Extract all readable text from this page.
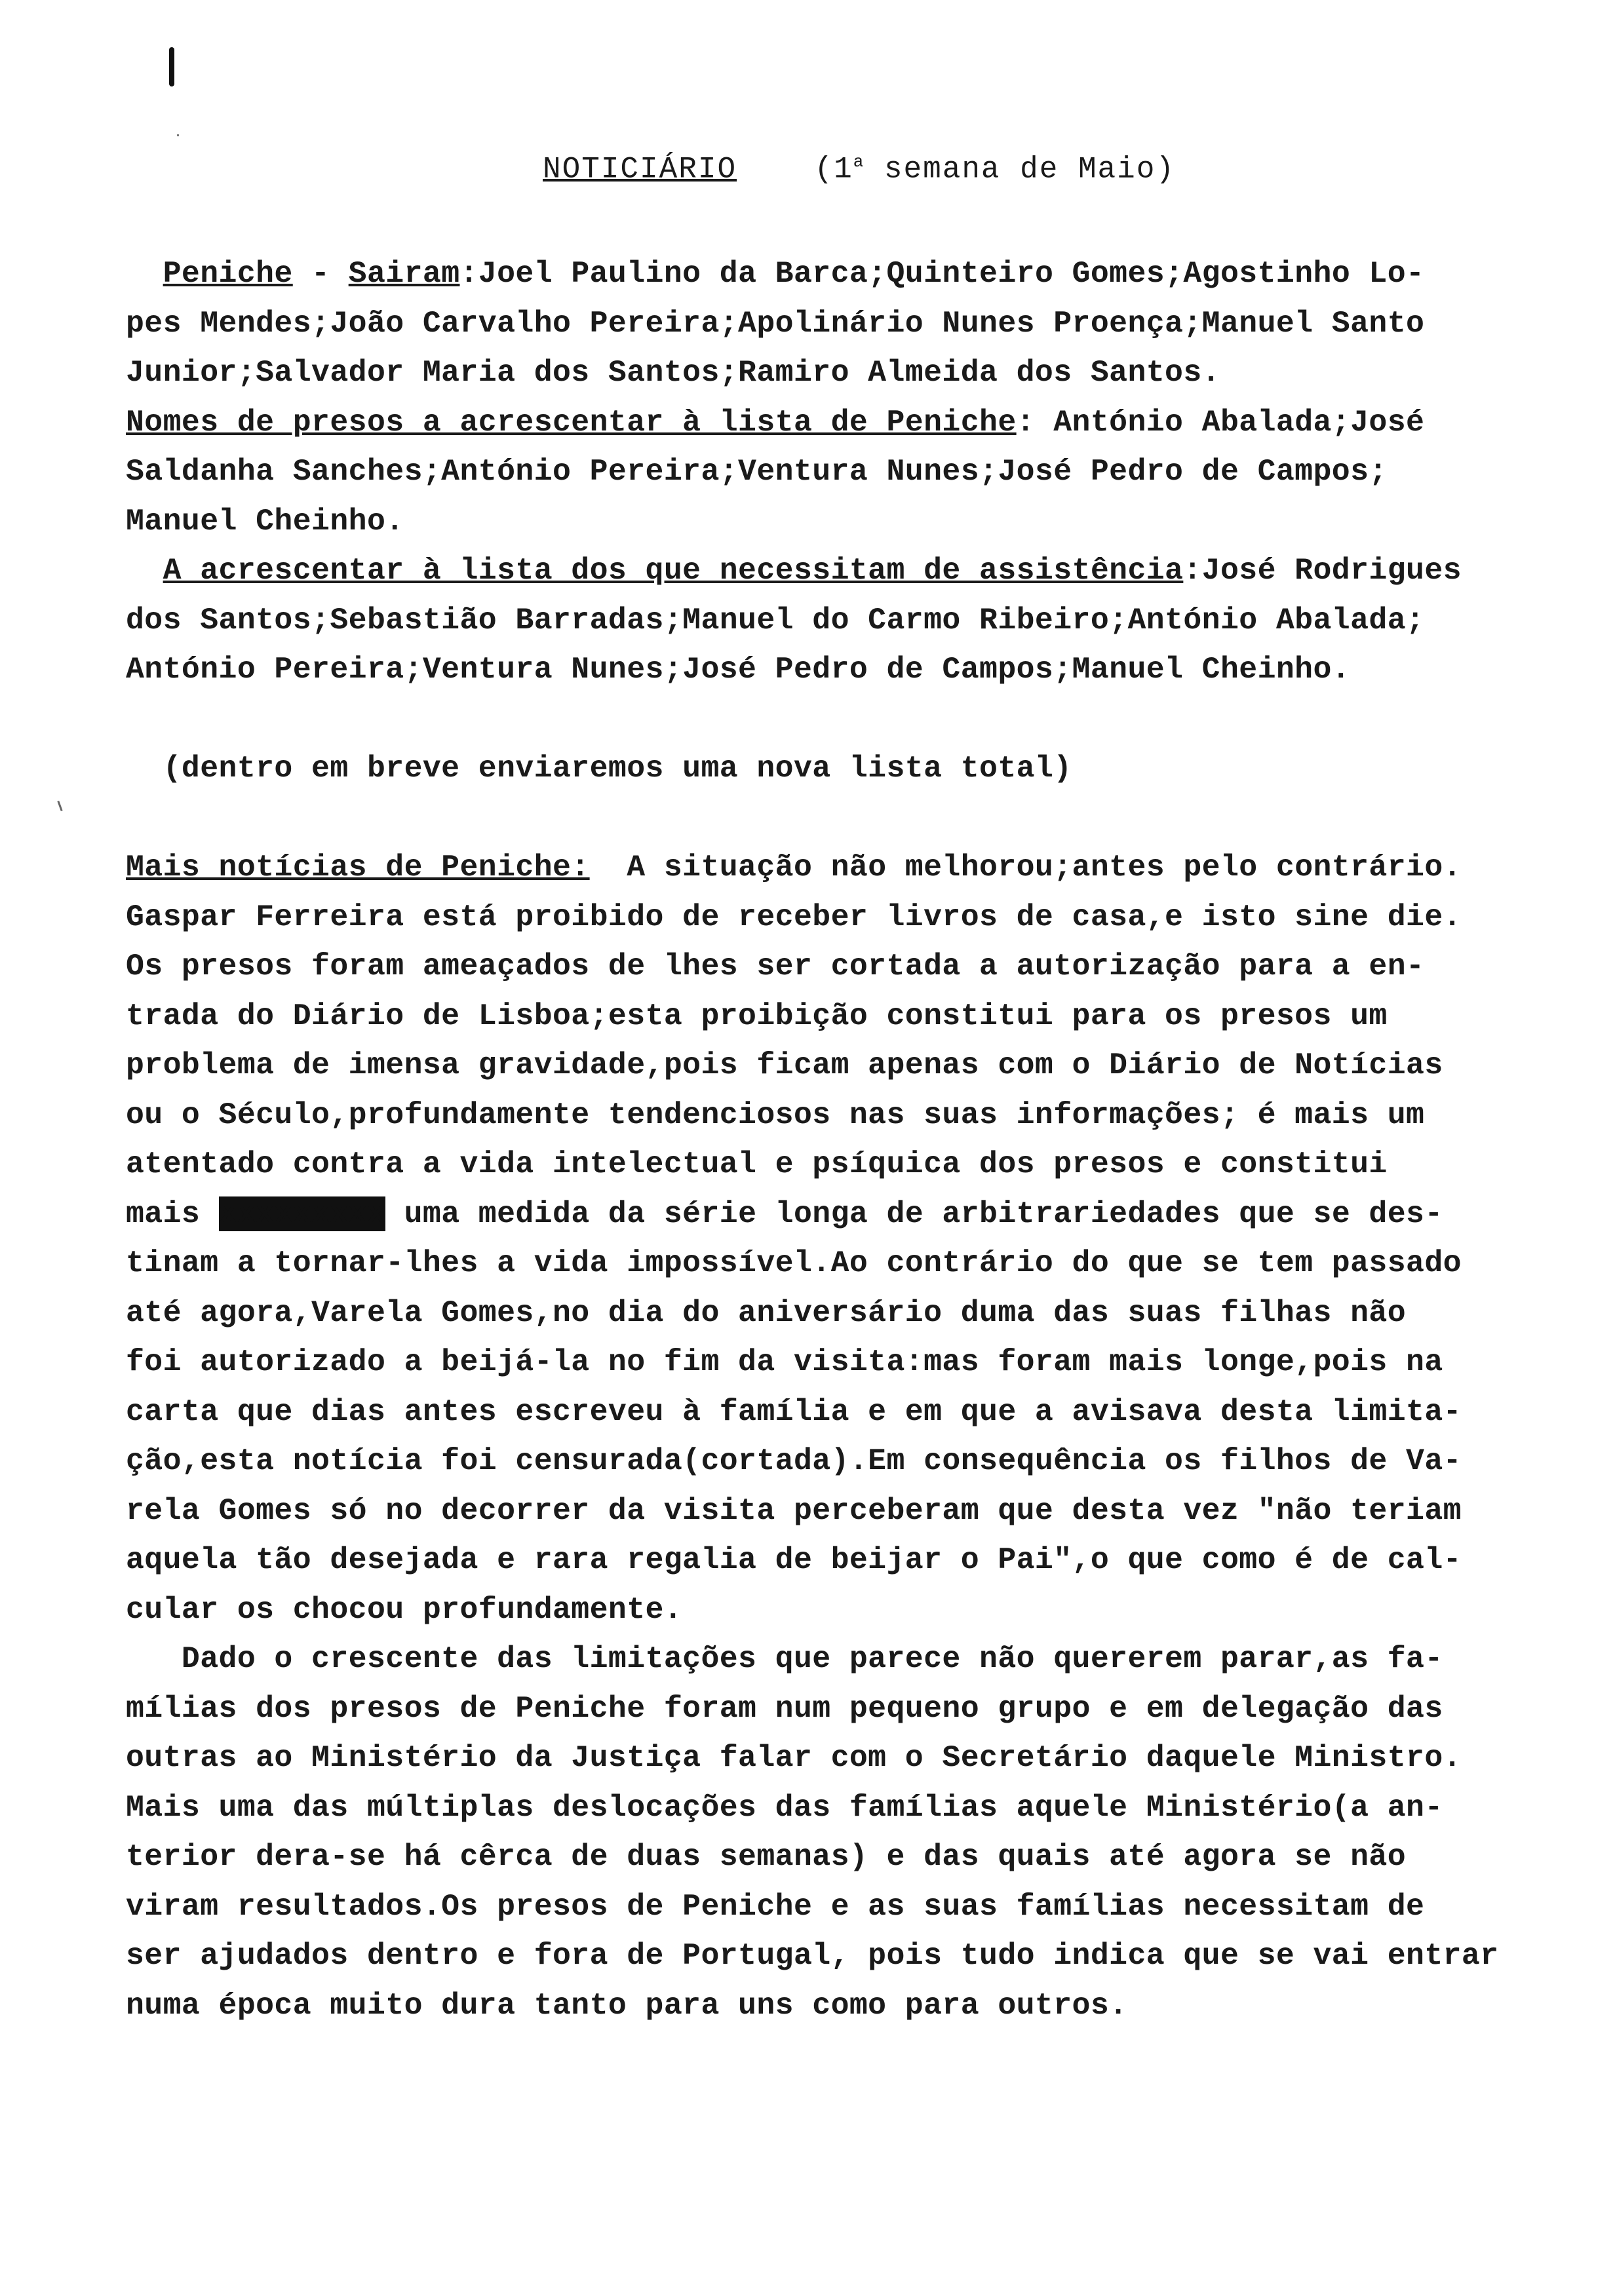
NOTICIÁRIO	(1$^a$ semana de Maio)
Peniche - Sairam:Joel Paulino da Barca;Quinteiro Gomes;Agostinho Lo-
pes Mendes;João Carvalho Pereira;Apolinário Nunes Proença;Manuel Santo
Junior;Salvador Maria dos Santos;Ramiro Almeida dos Santos.
Nomes de presos a acrescentar à lista de Peniche: António Abalada;José
Saldanha Sanches;António Pereira;Ventura Nunes;José Pedro de Campos;
Manuel Cheinho.
A acrescentar à lista dos que necessitam de assistência:José Rodrigues
dos Santos;Sebastião Barradas;Manuel do Carmo Ribeiro;António Abalada;
António Pereira;Ventura Nunes;José Pedro de Campos;Manuel Cheinho.
(dentro em breve enviaremos uma nova lista total)
Mais notícias de Peniche:  A situação não melhorou;antes pelo contrário.
Gaspar Ferreira está proibido de receber livros de casa,e isto sine die.
Os presos foram ameaçados de lhes ser cortada a autorização para a en-
trada do Diário de Lisboa;esta proibição constitui para os presos um
problema de imensa gravidade,pois ficam apenas com o Diário de Notícias
ou o Século,profundamente tendenciosos nas suas informações; é mais um
atentado contra a vida intelectual e psíquica dos presos e constitui
mais xxxxxxxxx uma medida da série longa de arbitrariedades que se des-
tinam a tornar-lhes a vida impossível.Ao contrário do que se tem passado
até agora,Varela Gomes,no dia do aniversário duma das suas filhas não
foi autorizado a beijá-la no fim da visita:mas foram mais longe,pois na
carta que dias antes escreveu à família e em que a avisava desta limita-
ção,esta notícia foi censurada(cortada).Em consequência os filhos de Va-
rela Gomes só no decorrer da visita perceberam que desta vez "não teriam
aquela tão desejada e rara regalia de beijar o Pai",o que como é de cal-
cular os chocou profundamente.
Dado o crescente das limitações que parece não quererem parar,as fa-
mílias dos presos de Peniche foram num pequeno grupo e em delegação das
outras ao Ministério da Justiça falar com o Secretário daquele Ministro.
Mais uma das múltiplas deslocações das famílias aquele Ministério(a an-
terior dera-se há cêrca de duas semanas) e das quais até agora se não
viram resultados.Os presos de Peniche e as suas famílias necessitam de
ser ajudados dentro e fora de Portugal, pois tudo indica que se vai entrar
numa época muito dura tanto para uns como para outros.
